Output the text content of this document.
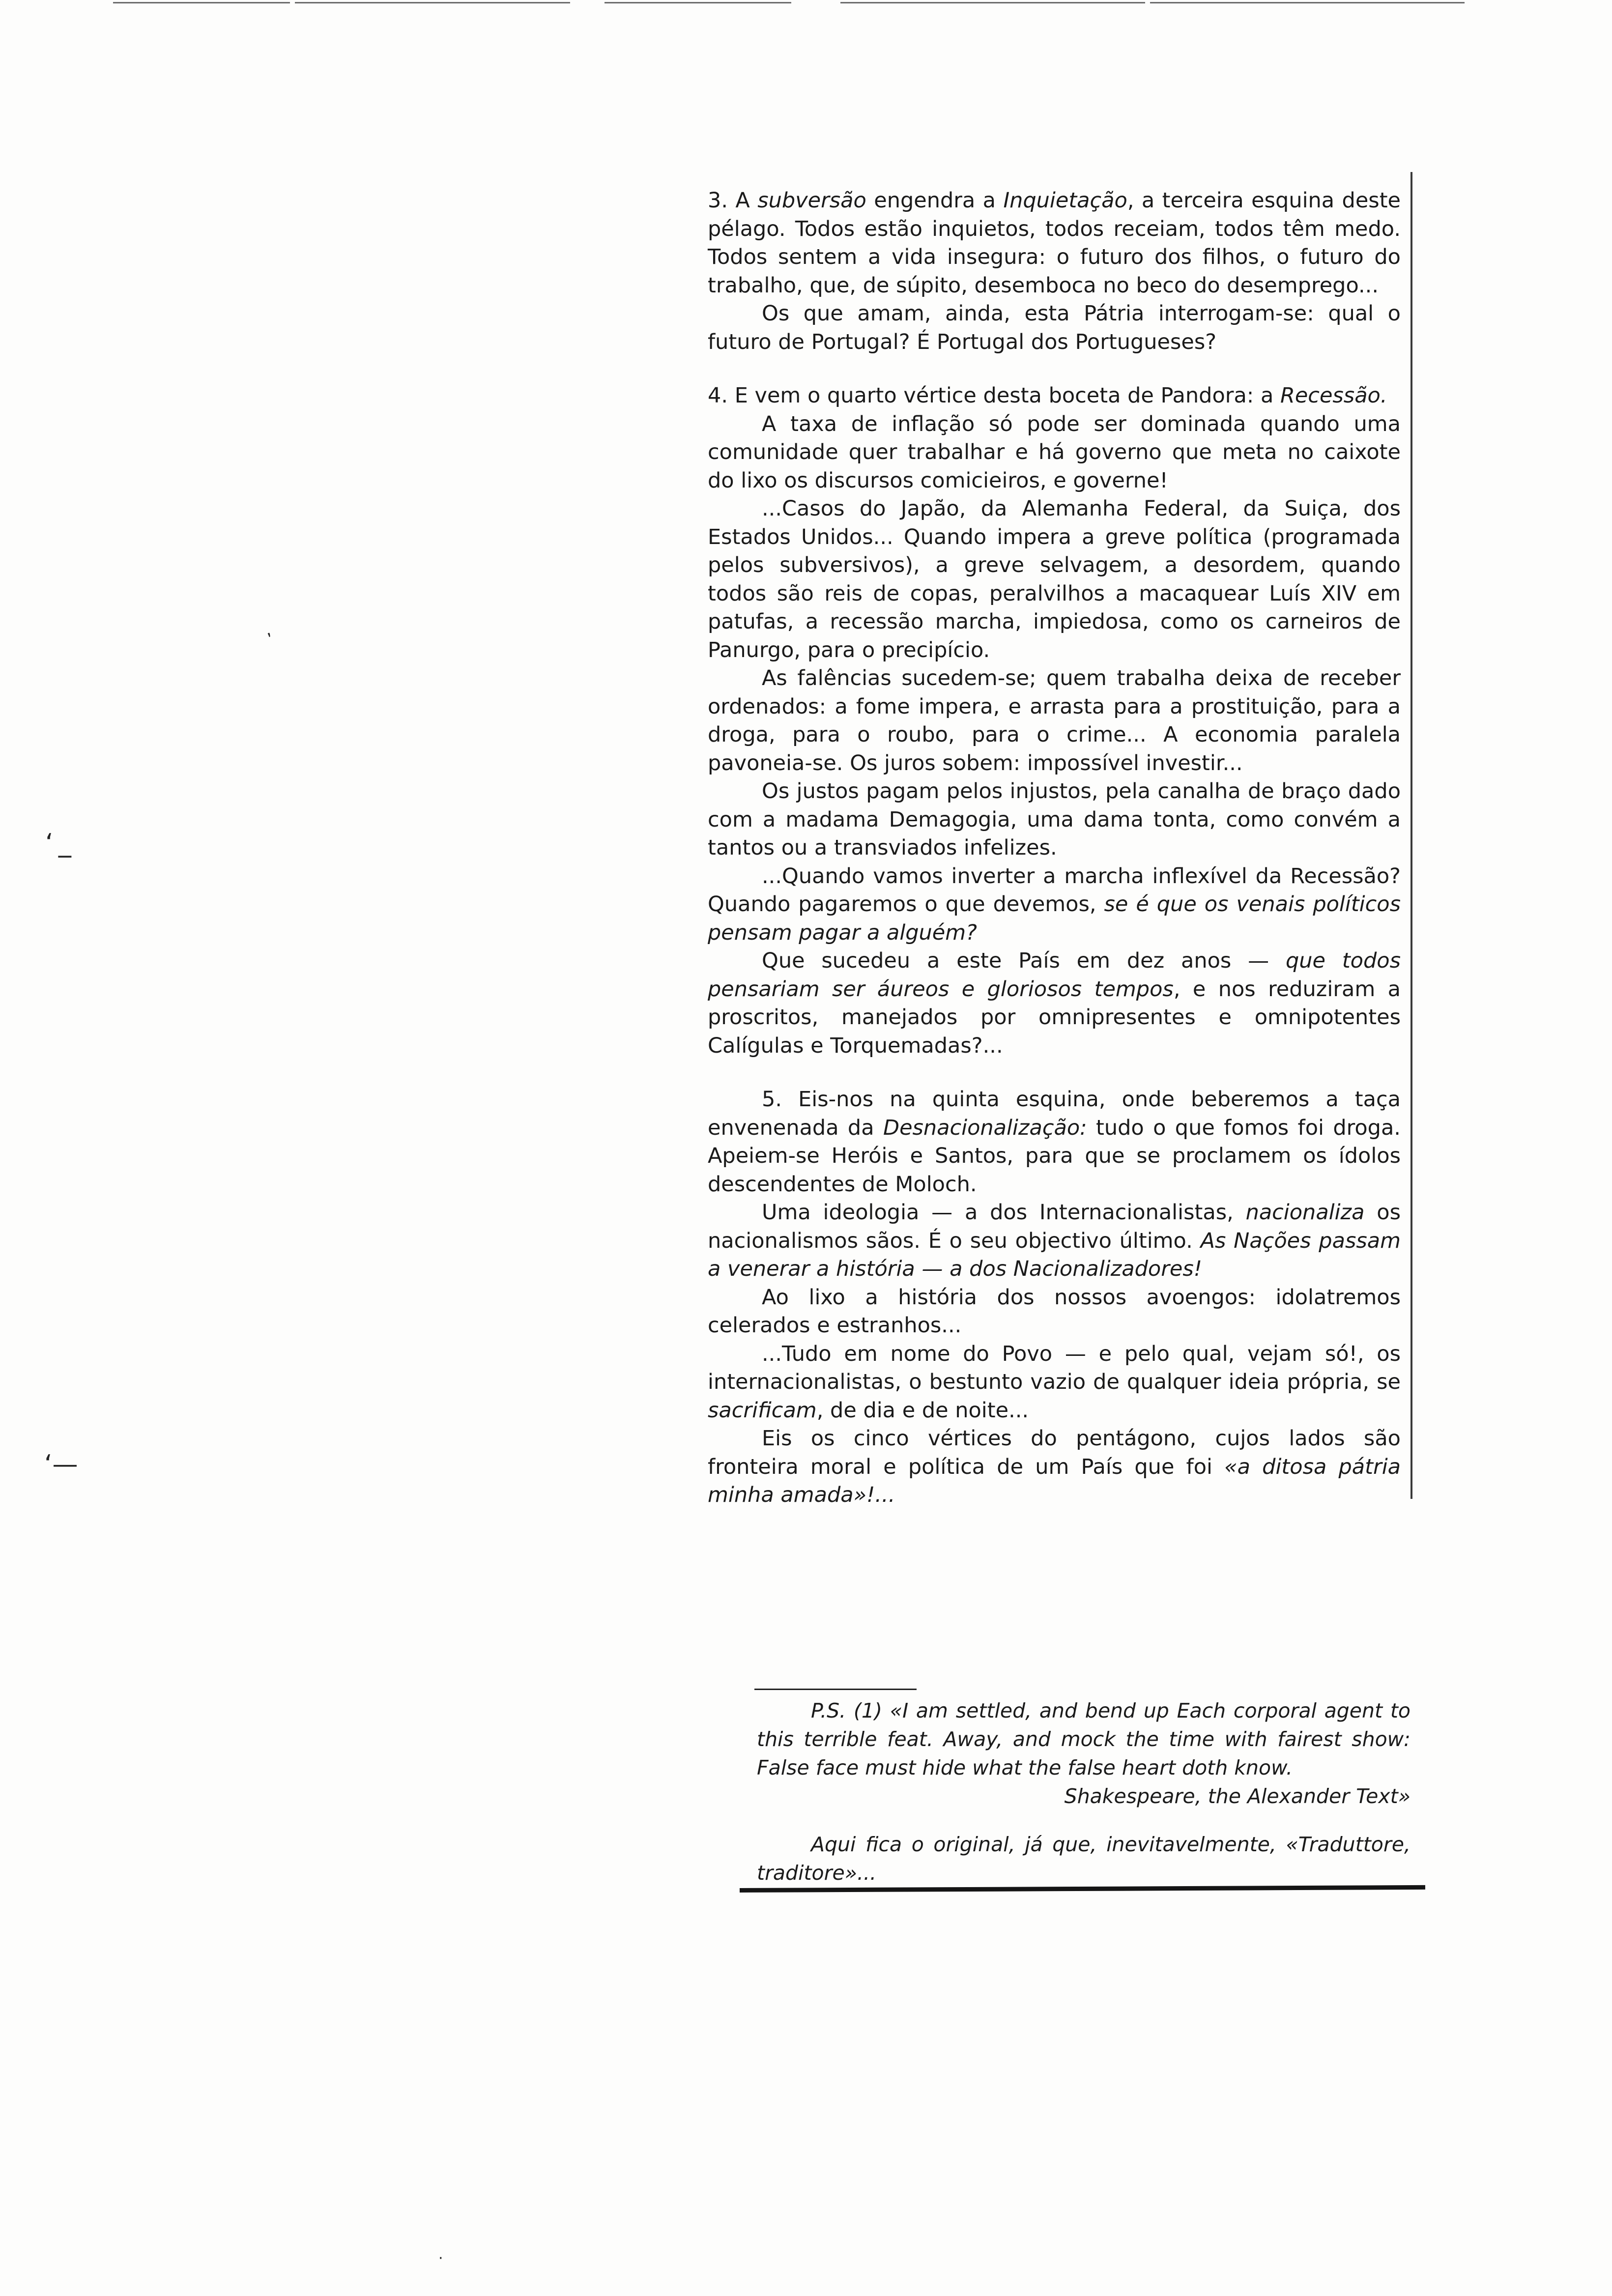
3. A subversão engendra a Inquietação, a terceira esquina deste pélago. Todos estão inquietos, todos receiam, todos têm medo. Todos sentem a vida insegura: o futuro dos filhos, o futuro do trabalho, que, de súpito, desemboca no beco do desemprego...

Os que amam, ainda, esta Pátria interrogam-se: qual o futuro de Portugal? É Portugal dos Portugueses?

4. E vem o quarto vértice desta boceta de Pandora: a Recessão.

A taxa de inflação só pode ser dominada quando uma comunidade quer trabalhar e há governo que meta no caixote do lixo os discursos comicieiros, e governe!

...Casos do Japão, da Alemanha Federal, da Suiça, dos Estados Unidos... Quando impera a greve política (programada pelos subversivos), a greve selvagem, a desordem, quando todos são reis de copas, peralvilhos a macaquear Luís XIV em patufas, a recessão marcha, impiedosa, como os carneiros de Panurgo, para o precipício.

As falências sucedem-se; quem trabalha deixa de receber ordenados: a fome impera, e arrasta para a prostituição, para a droga, para o roubo, para o crime... A economia paralela pavoneia-se. Os juros sobem: impossível investir...

Os justos pagam pelos injustos, pela canalha de braço dado com a madama Demagogia, uma dama tonta, como convém a tantos ou a transviados infelizes.

...Quando vamos inverter a marcha inflexível da Recessão? Quando pagaremos o que devemos, se é que os venais políticos pensam pagar a alguém?

Que sucedeu a este País em dez anos — que todos pensariam ser áureos e gloriosos tempos, e nos reduziram a proscritos, manejados por omnipresentes e omnipotentes Calígulas e Torquemadas?...

5. Eis-nos na quinta esquina, onde beberemos a taça envenenada da Desnacionalização: tudo o que fomos foi droga. Apeiem-se Heróis e Santos, para que se proclamem os ídolos descendentes de Moloch.

Uma ideologia — a dos Internacionalistas, nacionaliza os nacionalismos sãos. É o seu objectivo último. As Nações passam a venerar a história — a dos Nacionalizadores!

Ao lixo a história dos nossos avoengos: idolatremos celerados e estranhos...

...Tudo em nome do Povo — e pelo qual, vejam só!, os internacionalistas, o bestunto vazio de qualquer ideia própria, se sacrificam, de dia e de noite...

Eis os cinco vértices do pentágono, cujos lados são fronteira moral e política de um País que foi «a ditosa pátria minha amada»!...

P.S. (1) «I am settled, and bend up Each corporal agent to this terrible feat. Away, and mock the time with fairest show: False face must hide what the false heart doth know.

Shakespeare, the Alexander Text»

Aqui fica o original, já que, inevitavelmente, «Traduttore, traditore»...

’
‘ _
‘—
·
